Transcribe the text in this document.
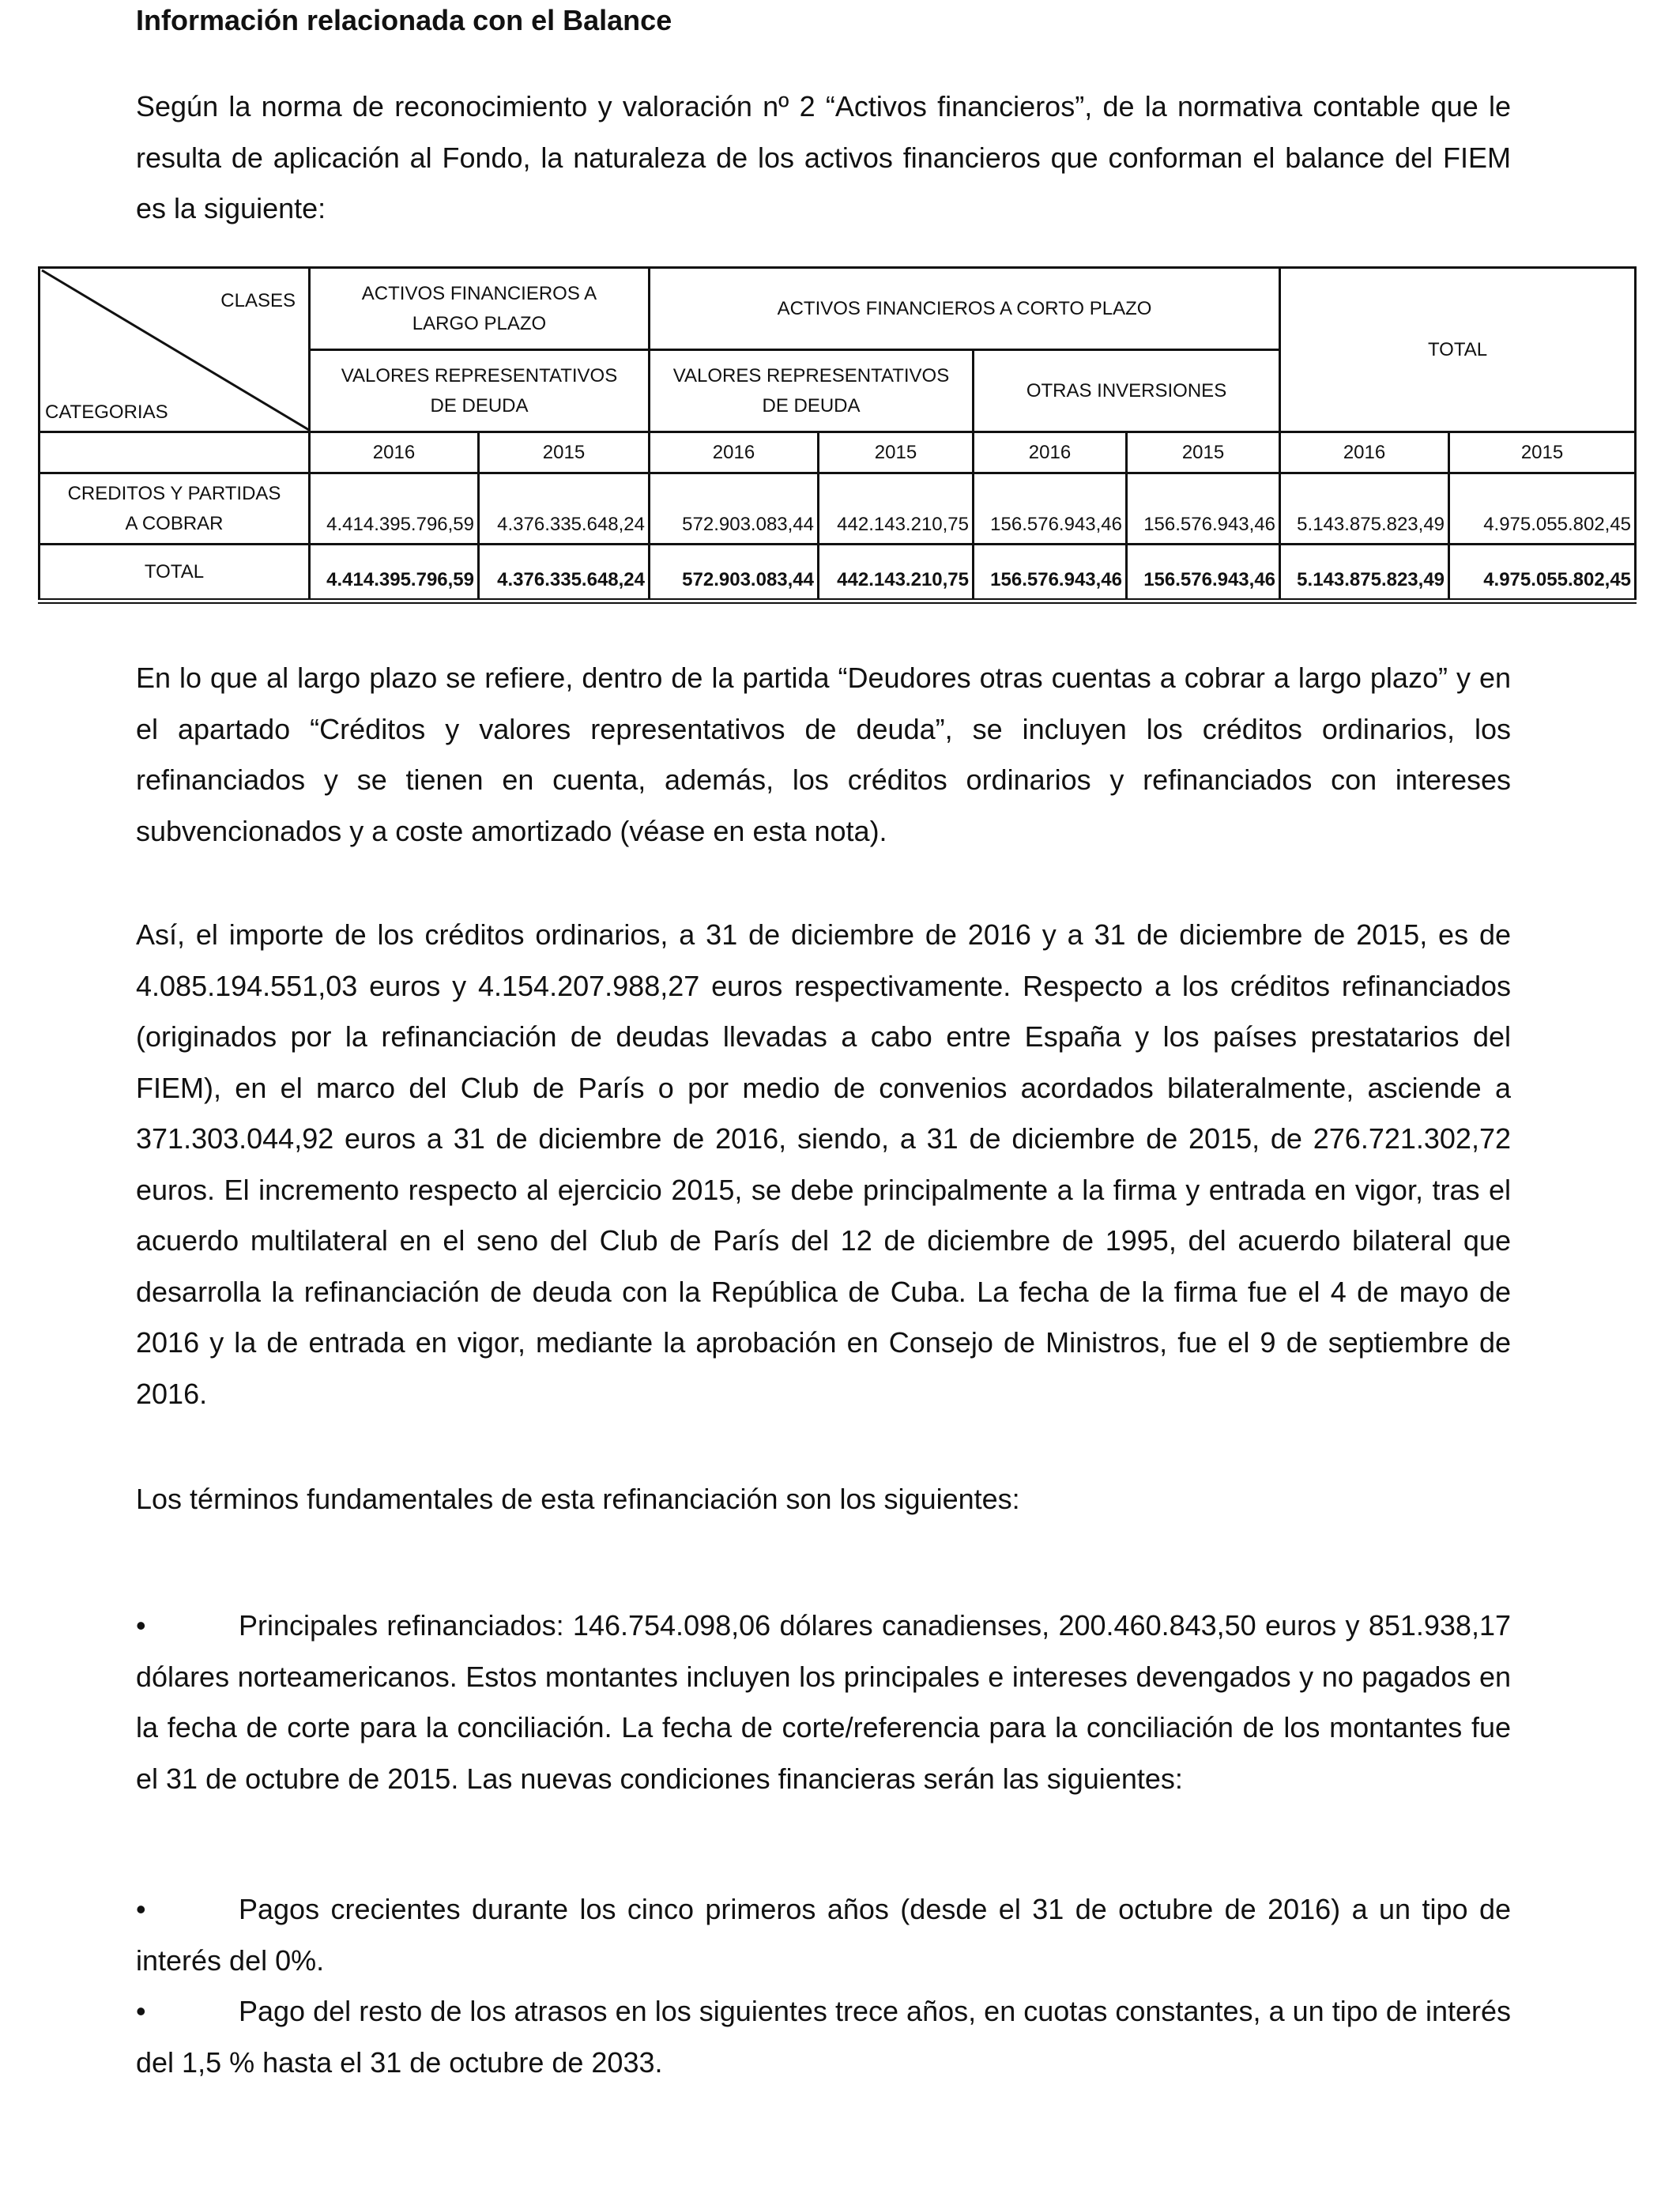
Información relacionada con el Balance

Según la norma de reconocimiento y valoración nº 2 “Activos financieros”, de la normativa contable que le resulta de aplicación al Fondo, la naturaleza de los activos financieros que conforman el balance del FIEM es la siguiente:

CLASES
CATEGORIAS	ACTIVOS FINANCIEROS A LARGO PLAZO		ACTIVOS FINANCIEROS A CORTO PLAZO				TOTAL	

	VALORES REPRESENTATIVOS DE DEUDA		VALORES REPRESENTATIVOS DE DEUDA		OTRAS INVERSIONES			
	2016	2015	2016	2015	2016	2015	2016	2015

CREDITOS Y PARTIDAS A COBRAR	4.414.395.796,59	4.376.335.648,24	572.903.083,44	442.143.210,75	156.576.943,46	156.576.943,46	5.143.875.823,49	4.975.055.802,45
TOTAL	4.414.395.796,59	4.376.335.648,24	572.903.083,44	442.143.210,75	156.576.943,46	156.576.943,46	5.143.875.823,49	4.975.055.802,45

En lo que al largo plazo se refiere, dentro de la partida “Deudores otras cuentas a cobrar a largo plazo” y en el apartado “Créditos y valores representativos de deuda”, se incluyen los créditos ordinarios, los refinanciados y se tienen en cuenta, además, los créditos ordinarios y refinanciados con intereses subvencionados y a coste amortizado (véase en esta nota).

Así, el importe de los créditos ordinarios, a 31 de diciembre de 2016 y a 31 de diciembre de 2015, es de 4.085.194.551,03 euros y 4.154.207.988,27 euros respectivamente. Respecto a los créditos refinanciados (originados por la refinanciación de deudas llevadas a cabo entre España y los países prestatarios del FIEM), en el marco del Club de París o por medio de convenios acordados bilateralmente, asciende a 371.303.044,92 euros a 31 de diciembre de 2016, siendo, a 31 de diciembre de 2015, de 276.721.302,72 euros. El incremento respecto al ejercicio 2015, se debe principalmente a la firma y entrada en vigor, tras el acuerdo multilateral en el seno del Club de París del 12 de diciembre de 1995, del acuerdo bilateral que desarrolla la refinanciación de deuda con la República de Cuba. La fecha de la firma fue el 4 de mayo de 2016 y la de entrada en vigor, mediante la aprobación en Consejo de Ministros, fue el 9 de septiembre de 2016.

Los términos fundamentales de esta refinanciación son los siguientes:

•	Principales refinanciados: 146.754.098,06 dólares canadienses, 200.460.843,50 euros y 851.938,17 dólares norteamericanos. Estos montantes incluyen los principales e intereses devengados y no pagados en la fecha de corte para la conciliación. La fecha de corte/referencia para la conciliación de los montantes fue el 31 de octubre de 2015. Las nuevas condiciones financieras serán las siguientes:

•	Pagos crecientes durante los cinco primeros años (desde el 31 de octubre de 2016) a un tipo de interés del 0%.

•	Pago del resto de los atrasos en los siguientes trece años, en cuotas constantes, a un tipo de interés del 1,5 % hasta el 31 de octubre de 2033.
